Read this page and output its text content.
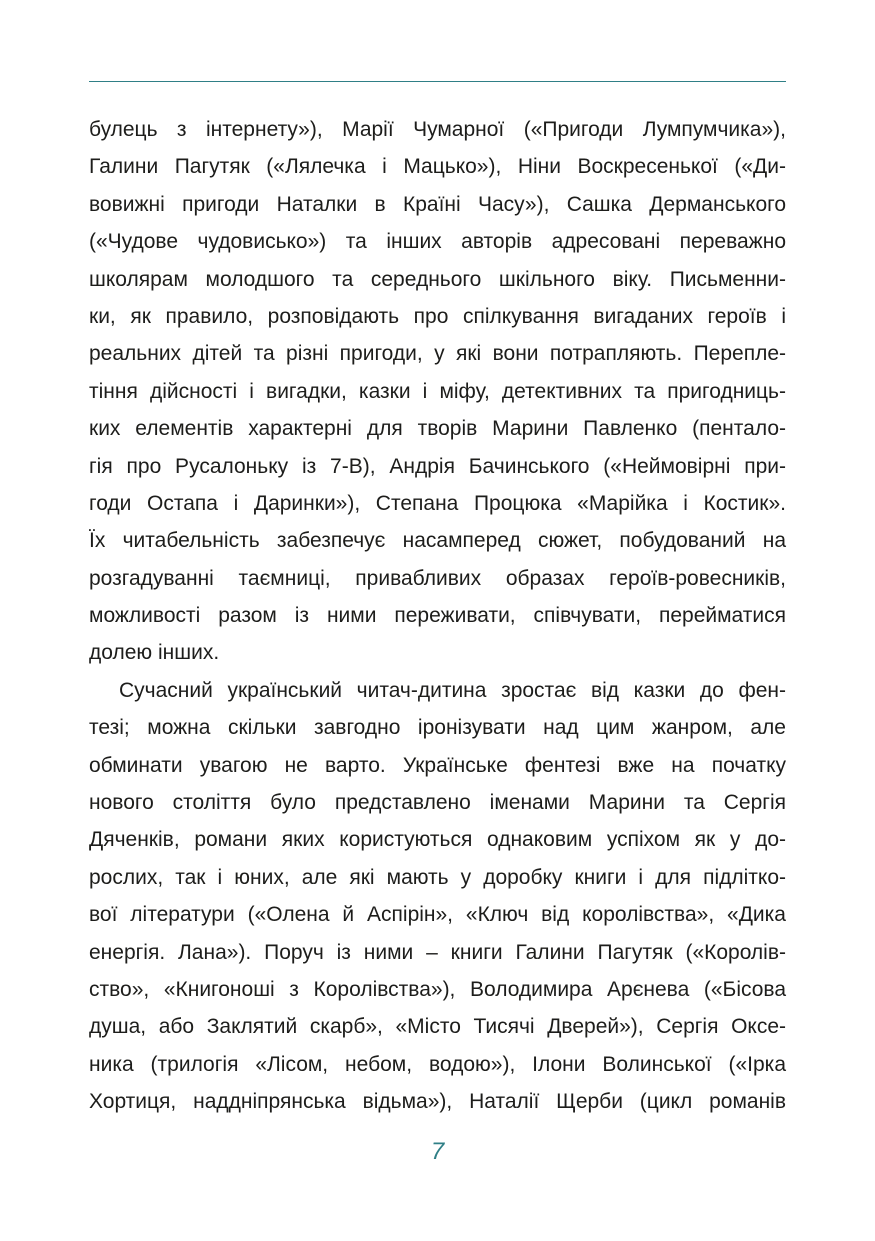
булець з інтернету»), Марії Чумарної («Пригоди Лумпумчика»),
Галини Пагутяк («Лялечка і Мацько»), Ніни Воскресенької («Ди-
вовижні пригоди Наталки в Країні Часу»), Сашка Дерманського
(«Чудове чудовисько») та інших авторів адресовані переважно
школярам молодшого та середнього шкільного віку. Письменни-
ки, як правило, розповідають про спілкування вигаданих героїв і
реальних дітей та різні пригоди, у які вони потрапляють. Перепле-
тіння дійсності і вигадки, казки і міфу, детективних та пригодниць-
ких елементів характерні для творів Марини Павленко (пентало-
гія про Русалоньку із 7-В), Андрія Бачинського («Неймовірні при-
годи Остапа і Даринки»), Степана Процюка «Марійка і Костик».
Їх читабельність забезпечує насамперед сюжет, побудований на
розгадуванні таємниці, привабливих образах героїв-ровесників,
можливості разом із ними переживати, співчувати, перейматися
долею інших.
Сучасний український читач-дитина зростає від казки до фен-
тезі; можна скільки завгодно іронізувати над цим жанром, але
обминати увагою не варто. Українське фентезі вже на початку
нового століття було представлено іменами Марини та Сергія
Дяченків, романи яких користуються однаковим успіхом як у до-
рослих, так і юних, але які мають у доробку книги і для підлітко-
вої літератури («Олена й Аспірін», «Ключ від королівства», «Дика
енергія. Лана»). Поруч із ними – книги Галини Пагутяк («Королів-
ство», «Книгоноші з Королівства»), Володимира Арєнева («Бісова
душа, або Заклятий скарб», «Місто Тисячі Дверей»), Сергія Оксе-
ника (трилогія «Лісом, небом, водою»), Ілони Волинської («Ірка
Хортиця, наддніпрянська відьма»), Наталії Щерби (цикл романів
7
